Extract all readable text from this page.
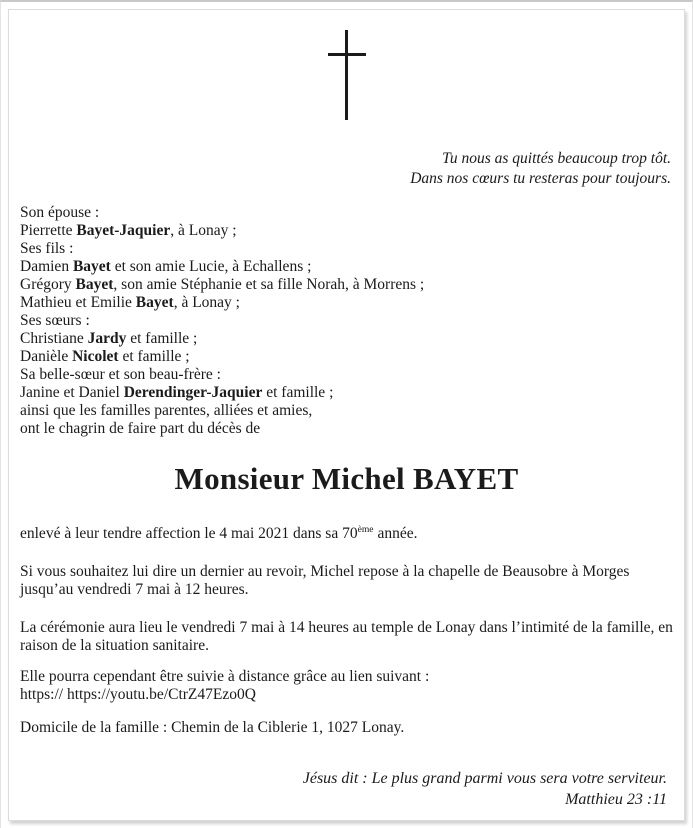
Tu nous as quittés beaucoup trop tôt.
Dans nos cœurs tu resteras pour toujours.
Son épouse :
Pierrette Bayet-Jaquier, à Lonay ;
Ses fils :
Damien Bayet et son amie Lucie, à Echallens ;
Grégory Bayet, son amie Stéphanie et sa fille Norah, à Morrens ;
Mathieu et Emilie Bayet, à Lonay ;
Ses sœurs :
Christiane Jardy et famille ;
Danièle Nicolet et famille ;
Sa belle-sœur et son beau-frère :
Janine et Daniel Derendinger-Jaquier et famille ;
ainsi que les familles parentes, alliées et amies,
ont le chagrin de faire part du décès de
Monsieur Michel BAYET
enlevé à leur tendre affection le 4 mai 2021 dans sa 70ème année.
Si vous souhaitez lui dire un dernier au revoir, Michel repose à la chapelle de Beausobre à Morges jusqu’au vendredi 7 mai à 12 heures.
La cérémonie aura lieu le vendredi 7 mai à 14 heures au temple de Lonay dans l’intimité de la famille, en raison de la situation sanitaire.
Elle pourra cependant être suivie à distance grâce au lien suivant :
https:// https://youtu.be/CtrZ47Ezo0Q
Domicile de la famille : Chemin de la Ciblerie 1, 1027 Lonay.
Jésus dit : Le plus grand parmi vous sera votre serviteur.
Matthieu 23 :11
